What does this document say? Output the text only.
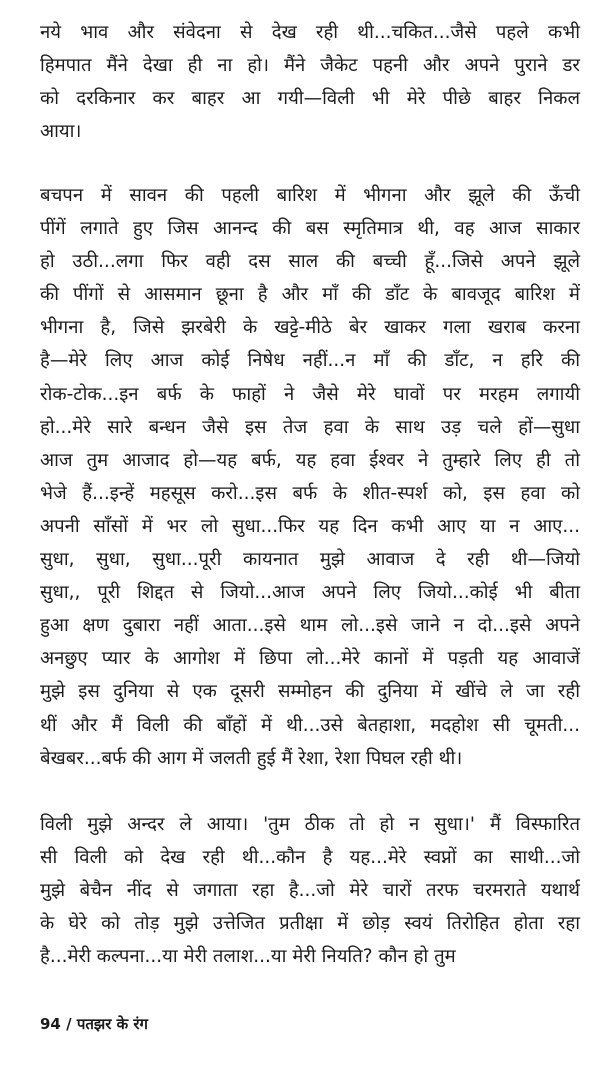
नये भाव और संवेदना से देख रही थी...चकित...जैसे पहले कभी
हिमपात मैंने देखा ही ना हो। मैंने जैकेट पहनी और अपने पुराने डर
को दरकिनार कर बाहर आ गयी—विली भी मेरे पीछे बाहर निकल
आया।
बचपन में सावन की पहली बारिश में भीगना और झूले की ऊँची
पींगें लगाते हुए जिस आनन्द की बस स्मृतिमात्र थी, वह आज साकार
हो उठी...लगा फिर वही दस साल की बच्ची हूँ...जिसे अपने झूले
की पींगों से आसमान छूना है और माँ की डाँट के बावजूद बारिश में
भीगना है, जिसे झरबेरी के खट्टे-मीठे बेर खाकर गला खराब करना
है—मेरे लिए आज कोई निषेध नहीं...न माँ की डाँट, न हरि की
रोक-टोक...इन बर्फ के फाहों ने जैसे मेरे घावों पर मरहम लगायी
हो...मेरे सारे बन्धन जैसे इस तेज हवा के साथ उड़ चले हों—सुधा
आज तुम आजाद हो—यह बर्फ, यह हवा ईश्वर ने तुम्हारे लिए ही तो
भेजे हैं...इन्हें महसूस करो...इस बर्फ के शीत-स्पर्श को, इस हवा को
अपनी साँसों में भर लो सुधा...फिर यह दिन कभी आए या न आए...
सुधा, सुधा, सुधा...पूरी कायनात मुझे आवाज दे रही थी—जियो
सुधा,, पूरी शिद्दत से जियो...आज अपने लिए जियो...कोई भी बीता
हुआ क्षण दुबारा नहीं आता...इसे थाम लो...इसे जाने न दो...इसे अपने
अनछुए प्यार के आगोश में छिपा लो...मेरे कानों में पड़ती यह आवाजें
मुझे इस दुनिया से एक दूसरी सम्मोहन की दुनिया में खींचे ले जा रही
थीं और मैं विली की बाँहों में थी...उसे बेतहाशा, मदहोश सी चूमती...
बेखबर...बर्फ की आग में जलती हुई मैं रेशा, रेशा पिघल रही थी।
विली मुझे अन्दर ले आया। 'तुम ठीक तो हो न सुधा।' मैं विस्फारित
सी विली को देख रही थी...कौन है यह...मेरे स्वप्नों का साथी...जो
मुझे बेचैन नींद से जगाता रहा है...जो मेरे चारों तरफ चरमराते यथार्थ
के घेरे को तोड़ मुझे उत्तेजित प्रतीक्षा में छोड़ स्वयं तिरोहित होता रहा
है...मेरी कल्पना...या मेरी तलाश...या मेरी नियति? कौन हो तुम
94 / पतझर के रंग
